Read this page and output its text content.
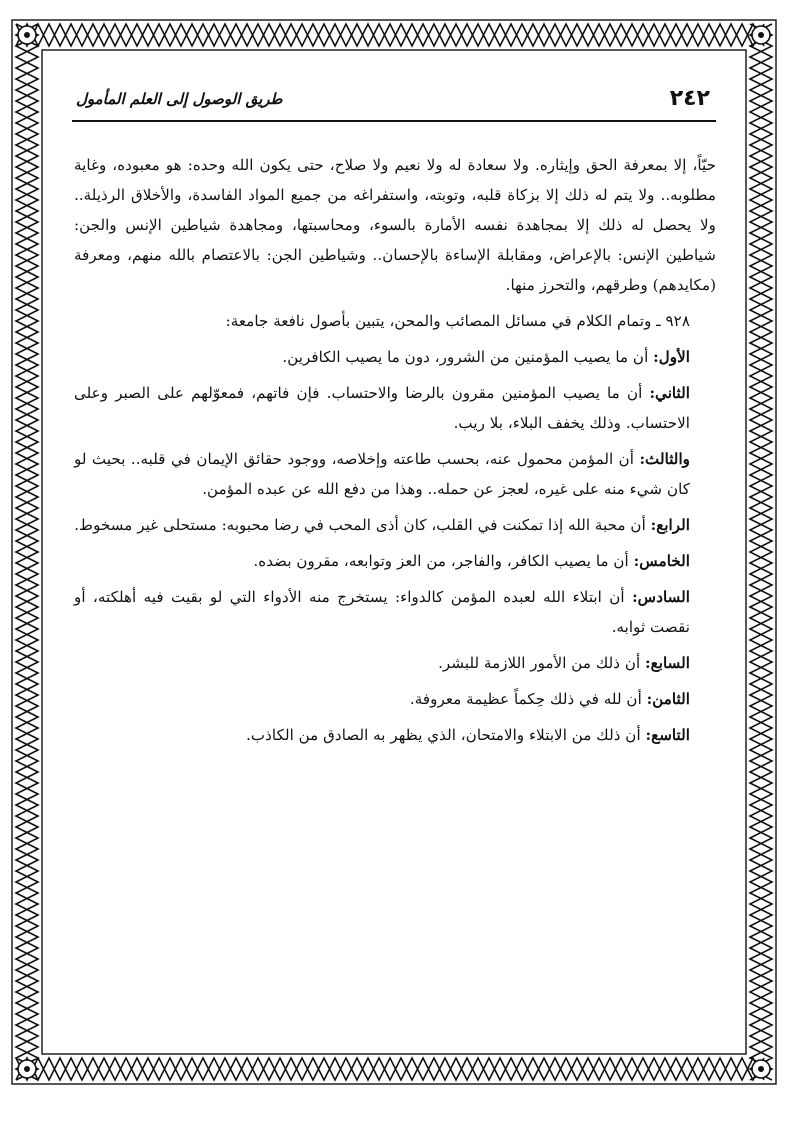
٢٤٢
طريق الوصول إلى العلم المأمول

حيّاً، إلا بمعرفة الحق وإيثاره. ولا سعادة له ولا نعيم ولا صلاح، حتى يكون الله وحده: هو معبوده، وغاية مطلوبه.. ولا يتم له ذلك إلا بزكاة قلبه، وتوبته، واستفراغه من جميع المواد الفاسدة، والأخلاق الرذيلة.. ولا يحصل له ذلك إلا بمجاهدة نفسه الأمارة بالسوء، ومحاسبتها، ومجاهدة شياطين الإنس والجن: شياطين الإنس: بالإعراض، ومقابلة الإساءة بالإحسان.. وشياطين الجن: بالاعتصام بالله منهم، ومعرفة (مكايدهم) وطرقهم، والتحرز منها.

٩٢٨ ـ وتمام الكلام في مسائل المصائب والمحن، يتبين بأصول نافعة جامعة:

الأول: أن ما يصيب المؤمنين من الشرور، دون ما يصيب الكافرين.

الثاني: أن ما يصيب المؤمنين مقرون بالرضا والاحتساب. فإن فاتهم، فمعوّلهم على الصبر وعلى الاحتساب. وذلك يخفف البلاء، بلا ريب.

والثالث: أن المؤمن محمول عنه، بحسب طاعته وإخلاصه، ووجود حقائق الإيمان في قلبه.. بحيث لو كان شيء منه على غيره، لعجز عن حمله.. وهذا من دفع الله عن عبده المؤمن.

الرابع: أن محبة الله إذا تمكنت في القلب، كان أذى المحب في رضا محبوبه: مستحلى غير مسخوط.

الخامس: أن ما يصيب الكافر، والفاجر، من العز وتوابعه، مقرون بضده.

السادس: أن ابتلاء الله لعبده المؤمن كالدواء: يستخرج منه الأدواء التي لو بقيت فيه أهلكته، أو نقصت ثوابه.

السابع: أن ذلك من الأمور اللازمة للبشر.

الثامن: أن لله في ذلك حِكماً عظيمة معروفة.

التاسع: أن ذلك من الابتلاء والامتحان، الذي يظهر به الصادق من الكاذب.
